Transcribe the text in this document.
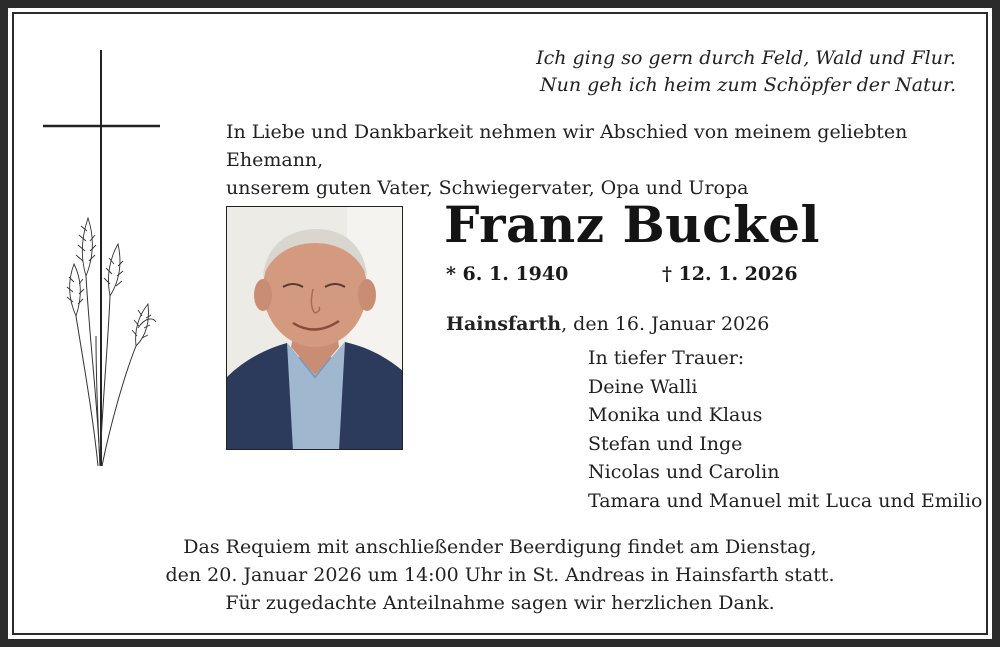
Ich ging so gern durch Feld, Wald und Flur.
Nun geh ich heim zum Schöpfer der Natur.
In Liebe und Dankbarkeit nehmen wir Abschied von meinem geliebten Ehemann,
unserem guten Vater, Schwiegervater, Opa und Uropa
Franz Buckel
* 6. 1. 1940	† 12. 1. 2026
Hainsfarth, den 16. Januar 2026
In tiefer Trauer:
Deine Walli
Monika und Klaus
Stefan und Inge
Nicolas und Carolin
Tamara und Manuel mit Luca und Emilio
Das Requiem mit anschließender Beerdigung findet am Dienstag,
den 20. Januar 2026 um 14:00 Uhr in St. Andreas in Hainsfarth statt.
Für zugedachte Anteilnahme sagen wir herzlichen Dank.
